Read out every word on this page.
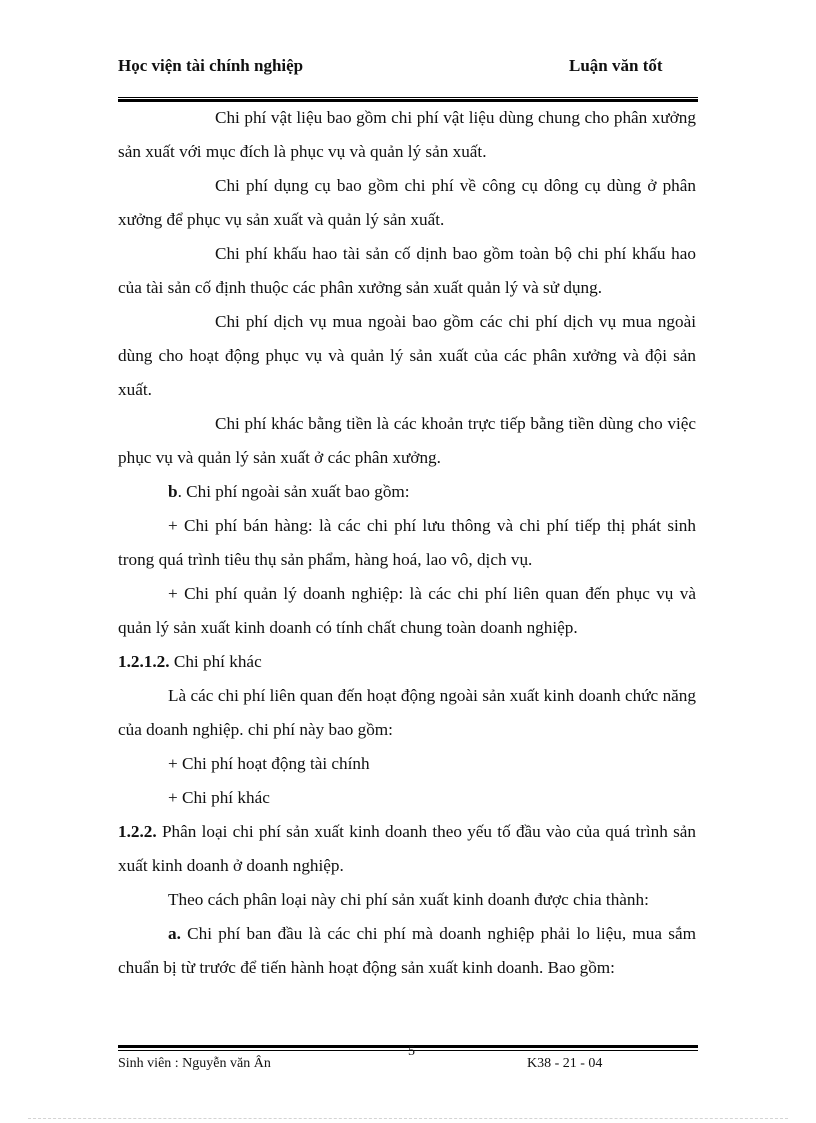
Học viện tài chính nghiệp	Luận văn tốt

Chi phí vật liệu bao gồm chi phí vật liệu dùng chung cho phân xưởng sản xuất với mục đích là phục vụ và quản lý sản xuất.

Chi phí dụng cụ bao gồm chi phí về công cụ dông cụ dùng ở phân xưởng để phục vụ sản xuất và quản lý sản xuất.

Chi phí khấu hao tài sản cố dịnh bao gồm toàn bộ chi phí khấu hao của tài sản cố định thuộc các phân xưởng sản xuất quản lý và sử dụng.

Chi phí dịch vụ mua ngoài bao gồm các chi phí dịch vụ mua ngoài dùng cho hoạt động phục vụ và quản lý sản xuất của các phân xưởng và đội sản xuất.

Chi phí khác bằng tiền là các khoản trực tiếp bằng tiền dùng cho việc phục vụ và quản lý sản xuất ở các phân xưởng.

b. Chi phí ngoài sản xuất bao gồm:

+ Chi phí bán hàng: là các chi phí lưu thông và chi phí tiếp thị phát sinh trong quá trình tiêu thụ sản phẩm, hàng hoá, lao vô, dịch vụ.

+ Chi phí quản lý doanh nghiệp: là các chi phí liên quan đến phục vụ và quản lý sản xuất kinh doanh có tính chất chung toàn doanh nghiệp.

1.2.1.2. Chi phí khác

Là các chi phí liên quan đến hoạt động ngoài sản xuất kinh doanh chức năng của doanh nghiệp. chi phí này bao gồm:

+ Chi phí hoạt động tài chính

+ Chi phí khác

1.2.2. Phân loại chi phí sản xuất kinh doanh theo yếu tố đầu vào của quá trình sản xuất kinh doanh ở doanh nghiệp.

Theo cách phân loại này chi phí sản xuất kinh doanh được chia thành:

a. Chi phí ban đầu là các chi phí mà doanh nghiệp phải lo liệu, mua sắm chuẩn bị từ trước để tiến hành hoạt động sản xuất kinh doanh. Bao gồm:

Sinh viên : Nguyễn văn Ân
5
K38 - 21 - 04
